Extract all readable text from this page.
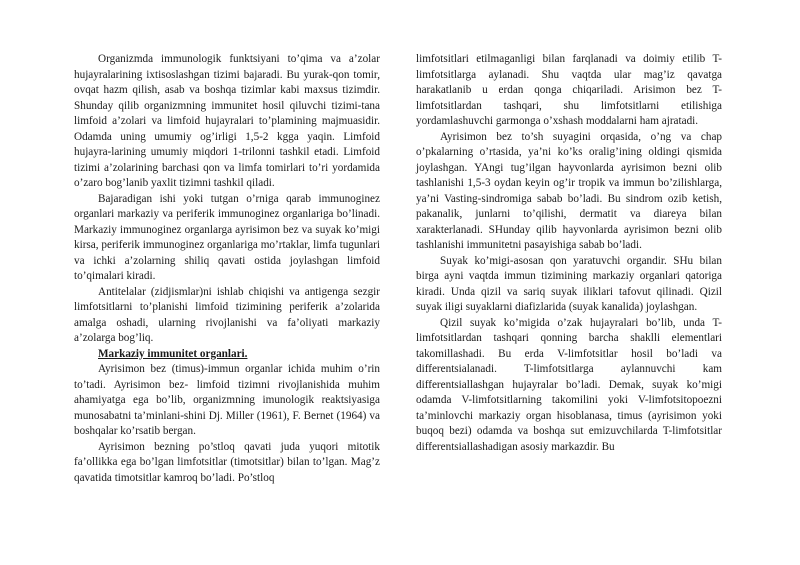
Organizmda immunologik funktsiyani to’qima va a’zolar hujayralarining ixtisoslashgan tizimi bajaradi. Bu yurak-qon tomir, ovqat hazm qilish, asab va boshqa tizimlar kabi maxsus tizimdir. Shunday qilib organizmning immunitet hosil qiluvchi tizimi-tana limfoid a’zolari va limfoid hujayralari to’plamining majmuasidir. Odamda uning umumiy og’irligi 1,5-2 kgga yaqin. Limfoid hujayra-larining umumiy miqdori 1-trilonni tashkil etadi. Limfoid tizimi a’zolarining barchasi qon va limfa tomirlari to’ri yordamida o’zaro bog’lanib yaxlit tizimni tashkil qiladi.

Bajaradigan ishi yoki tutgan o’rniga qarab immunoginez organlari markaziy va periferik immunoginez organlariga bo’linadi. Markaziy immunoginez organlarga ayrisimon bez va suyak ko’migi kirsa, periferik immunoginez organlariga mo’rtaklar, limfa tugunlari va ichki a’zolarning shiliq qavati ostida joylashgan limfoid to’qimalari kiradi.

Antitelalar (zidjismlar)ni ishlab chiqishi va antigenga sezgir limfotsitlarni to’planishi limfoid tizimining periferik a’zolarida amalga oshadi, ularning rivojlanishi va fa’oliyati markaziy a’zolarga bog’liq.

Markaziy immunitet organlari.

Ayrisimon bez (timus)-immun organlar ichida muhim o’rin to’tadi. Ayrisimon bez- limfoid tizimni rivojlanishida muhim ahamiyatga ega bo’lib, organizmning imunologik reaktsiyasiga munosabatni ta’minlani-shini Dj. Miller (1961), F. Bernet (1964) va boshqalar ko’rsatib bergan.

Ayrisimon bezning po’stloq qavati juda yuqori mitotik fa’ollikka ega bo’lgan limfotsitlar (timotsitlar) bilan to’lgan. Mag’z qavatida timotsitlar kamroq bo’ladi. Po’stloq

limfotsitlari etilmaganligi bilan farqlanadi va doimiy etilib T-limfotsitlarga aylanadi. Shu vaqtda ular mag’iz qavatga harakatlanib u erdan qonga chiqariladi. Arisimon bez T-limfotsitlardan tashqari, shu limfotsitlarni etilishiga yordamlashuvchi garmonga o’xshash moddalarni ham ajratadi.

Ayrisimon bez to’sh suyagini orqasida, o’ng va chap o’pkalarning o’rtasida, ya’ni ko’ks oralig’ining oldingi qismida joylashgan. YAngi tug’ilgan hayvonlarda ayrisimon bezni olib tashlanishi 1,5-3 oydan keyin og’ir tropik va immun bo’zilishlarga, ya’ni Vasting-sindromiga sabab bo’ladi. Bu sindrom ozib ketish, pakanalik, junlarni to’qilishi, dermatit va diareya bilan xarakterlanadi. SHunday qilib hayvonlarda ayrisimon bezni olib tashlanishi immunitetni pasayishiga sabab bo’ladi.

Suyak ko’migi-asosan qon yaratuvchi organdir. SHu bilan birga ayni vaqtda immun tizimining markaziy organlari qatoriga kiradi. Unda qizil va sariq suyak iliklari tafovut qilinadi. Qizil suyak iligi suyaklarni diafizlarida (suyak kanalida) joylashgan.

Qizil suyak ko’migida o’zak hujayralari bo’lib, unda T-limfotsitlardan tashqari qonning barcha shaklli elementlari takomillashadi. Bu erda V-limfotsitlar hosil bo’ladi va differentsialanadi. T-limfotsitlarga aylannuvchi kam differentsiallashgan hujayralar bo’ladi. Demak, suyak ko’migi odamda V-limfotsitlarning takomilini yoki V-limfotsitopoezni ta’minlovchi markaziy organ hisoblanasa, timus (ayrisimon yoki buqoq bezi) odamda va boshqa sut emizuvchilarda T-limfotsitlar differentsiallashadigan asosiy markazdir. Bu
